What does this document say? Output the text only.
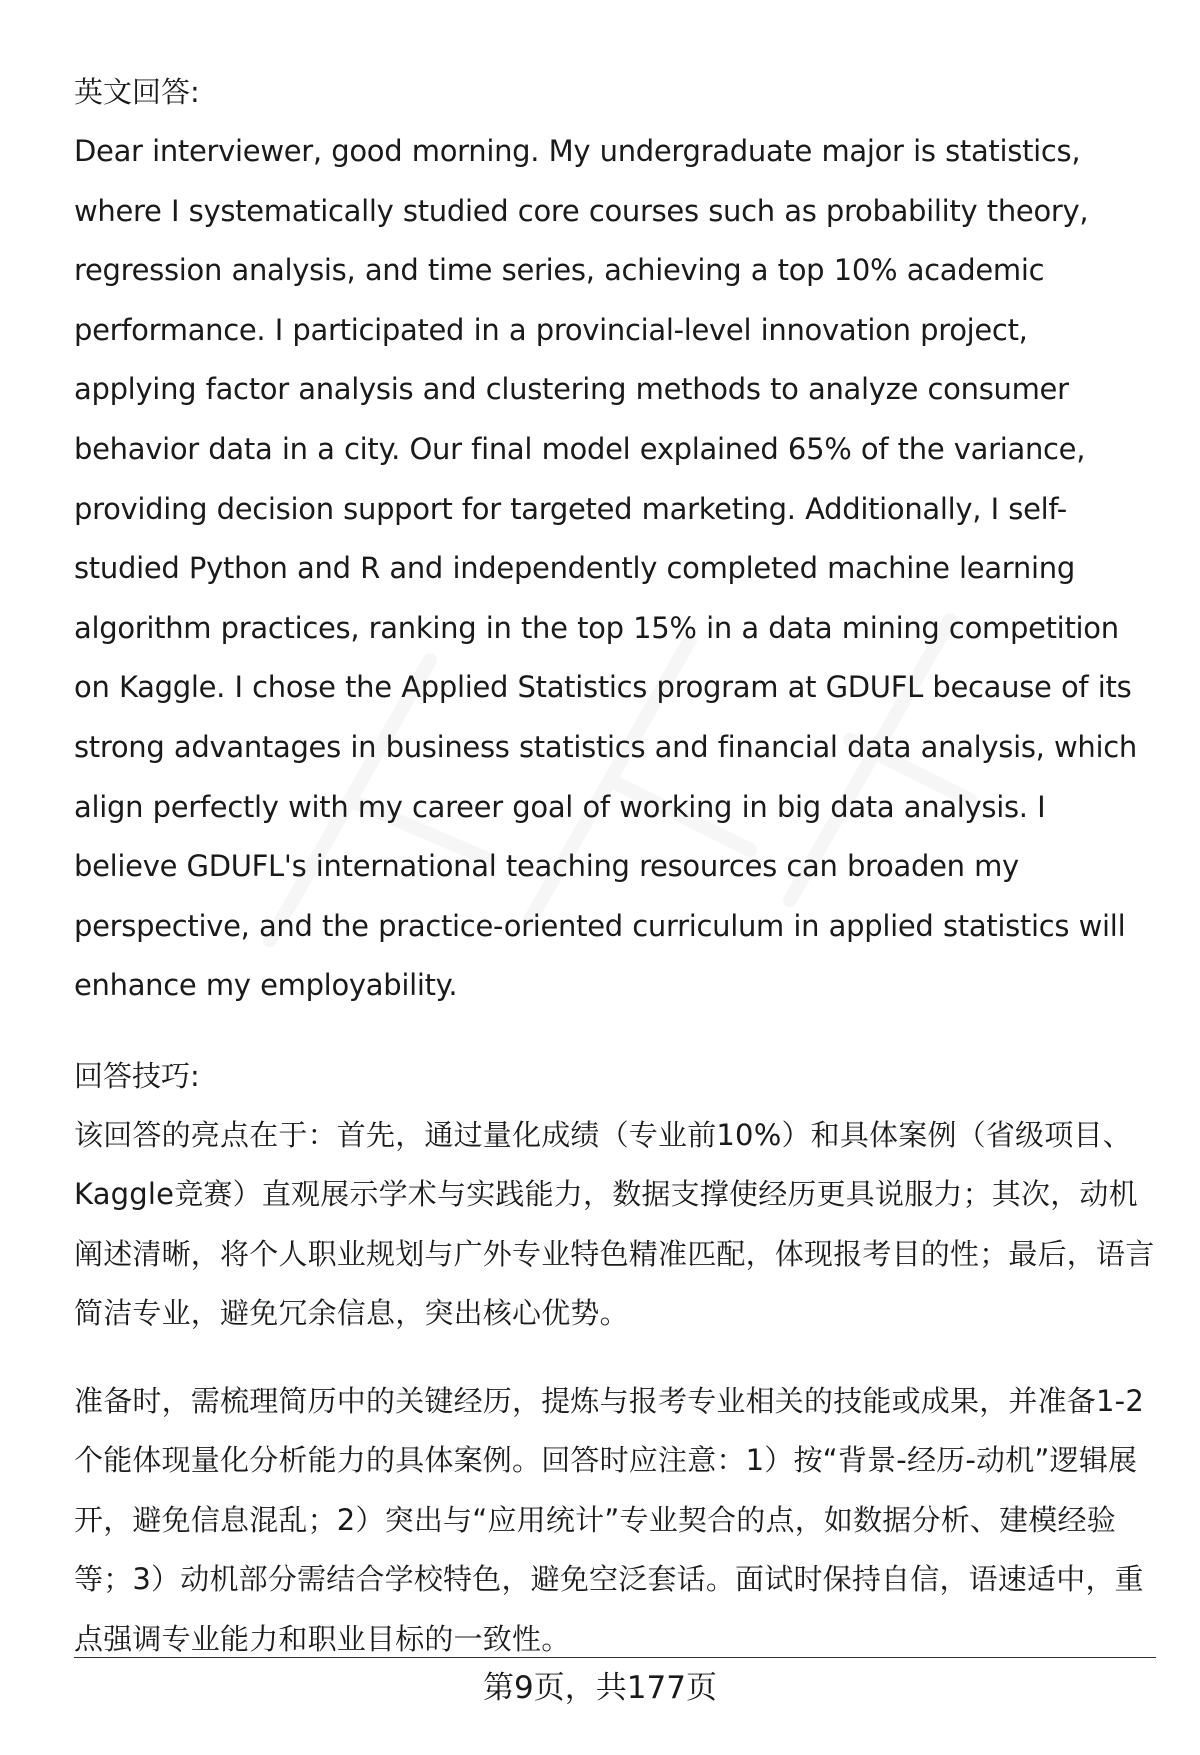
英文回答:

Dear interviewer, good morning. My undergraduate major is statistics, where I systematically studied core courses such as probability theory, regression analysis, and time series, achieving a top 10% academic performance. I participated in a provincial-level innovation project, applying factor analysis and clustering methods to analyze consumer behavior data in a city. Our final model explained 65% of the variance, providing decision support for targeted marketing. Additionally, I self-studied Python and R and independently completed machine learning algorithm practices, ranking in the top 15% in a data mining competition on Kaggle. I chose the Applied Statistics program at GDUFL because of its strong advantages in business statistics and financial data analysis, which align perfectly with my career goal of working in big data analysis. I believe GDUFL's international teaching resources can broaden my perspective, and the practice-oriented curriculum in applied statistics will enhance my employability.

回答技巧:

该回答的亮点在于：首先，通过量化成绩（专业前10%）和具体案例（省级项目、Kaggle竞赛）直观展示学术与实践能力，数据支撑使经历更具说服力；其次，动机阐述清晰，将个人职业规划与广外专业特色精准匹配，体现报考目的性；最后，语言简洁专业，避免冗余信息，突出核心优势。

准备时，需梳理简历中的关键经历，提炼与报考专业相关的技能或成果，并准备1-2个能体现量化分析能力的具体案例。回答时应注意：1）按“背景-经历-动机”逻辑展开，避免信息混乱；2）突出与“应用统计”专业契合的点，如数据分析、建模经验等；3）动机部分需结合学校特色，避免空泛套话。面试时保持自信，语速适中，重点强调专业能力和职业目标的一致性。

第9页，共177页
